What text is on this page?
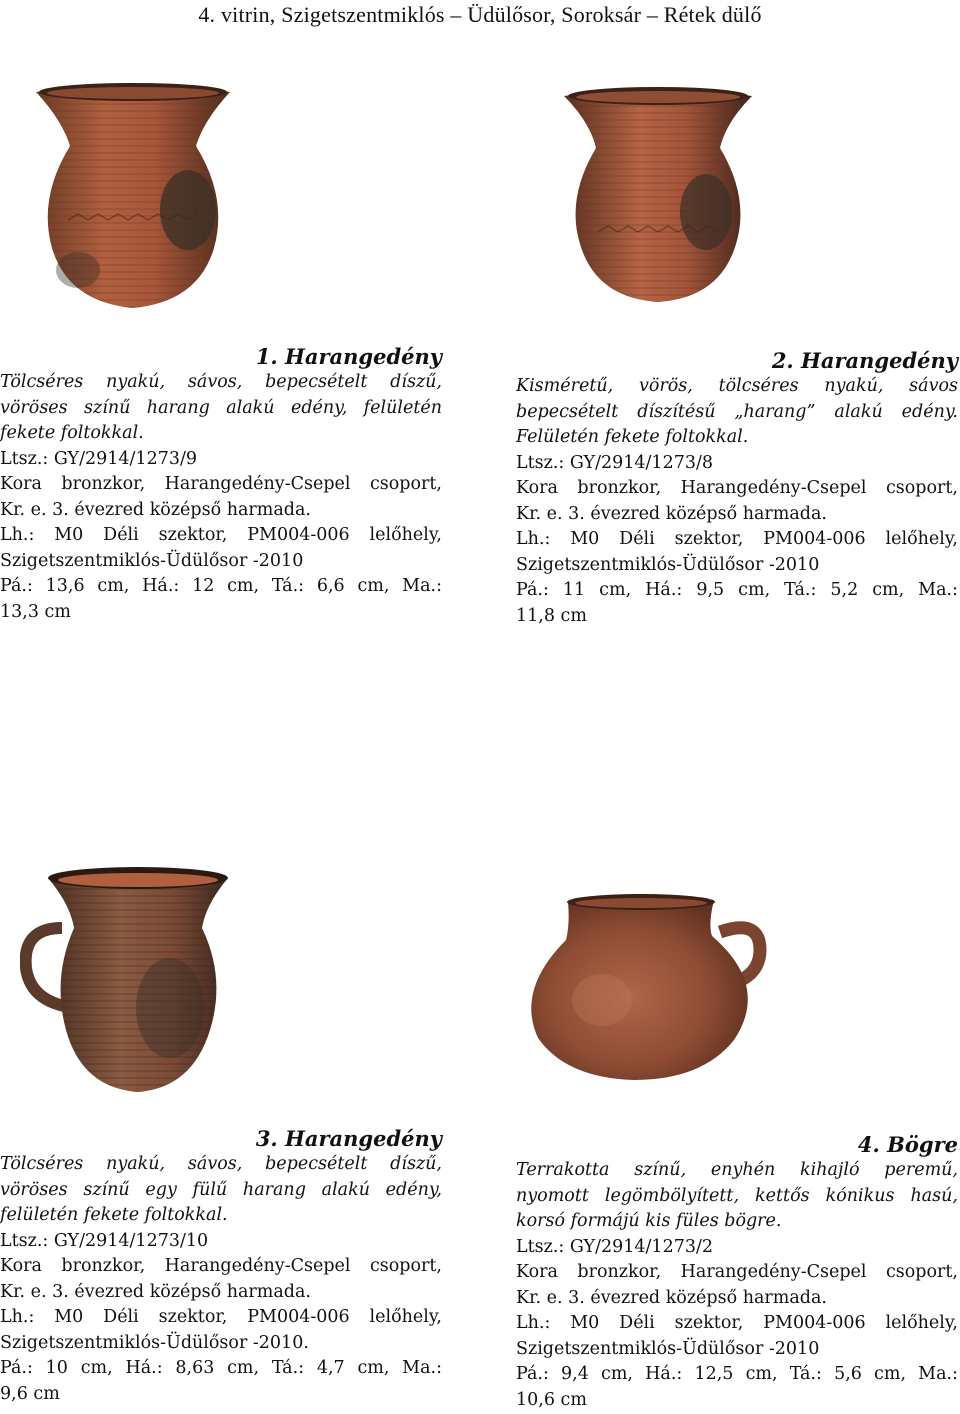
4. vitrin, Szigetszentmiklós – Üdülősor, Soroksár – Rétek dülő
1. Harangedény
Tölcséres nyakú, sávos, bepecsételt díszű, vöröses színű harang alakú edény, felületén fekete foltokkal.
Ltsz.: GY/2914/1273/9
Kora bronzkor, Harangedény-Csepel csoport,
Kr. e. 3. évezred középső harmada.
Lh.: M0 Déli szektor, PM004-006 lelőhely,
Szigetszentmiklós-Üdülősor -2010
Pá.: 13,6 cm, Há.: 12 cm, Tá.: 6,6 cm, Ma.:
13,3 cm
2. Harangedény
Kisméretű, vörös, tölcséres nyakú, sávos bepecsételt díszítésű „harang” alakú edény. Felületén fekete foltokkal.
Ltsz.: GY/2914/1273/8
Kora bronzkor, Harangedény-Csepel csoport,
Kr. e. 3. évezred középső harmada.
Lh.: M0 Déli szektor, PM004-006 lelőhely,
Szigetszentmiklós-Üdülősor -2010
Pá.: 11 cm, Há.: 9,5 cm, Tá.: 5,2 cm, Ma.:
11,8 cm
3. Harangedény
Tölcséres nyakú, sávos, bepecsételt díszű, vöröses színű egy fülű harang alakú edény, felületén fekete foltokkal.
Ltsz.: GY/2914/1273/10
Kora bronzkor, Harangedény-Csepel csoport,
Kr. e. 3. évezred középső harmada.
Lh.: M0 Déli szektor, PM004-006 lelőhely,
Szigetszentmiklós-Üdülősor -2010.
Pá.: 10 cm, Há.: 8,63 cm, Tá.: 4,7 cm, Ma.:
9,6 cm
4. Bögre
Terrakotta színű, enyhén kihajló peremű, nyomott legömbölyített, kettős kónikus hasú, korsó formájú kis füles bögre.
Ltsz.: GY/2914/1273/2
Kora bronzkor, Harangedény-Csepel csoport,
Kr. e. 3. évezred középső harmada.
Lh.: M0 Déli szektor, PM004-006 lelőhely,
Szigetszentmiklós-Üdülősor -2010
Pá.: 9,4 cm, Há.: 12,5 cm, Tá.: 5,6 cm, Ma.:
10,6 cm
